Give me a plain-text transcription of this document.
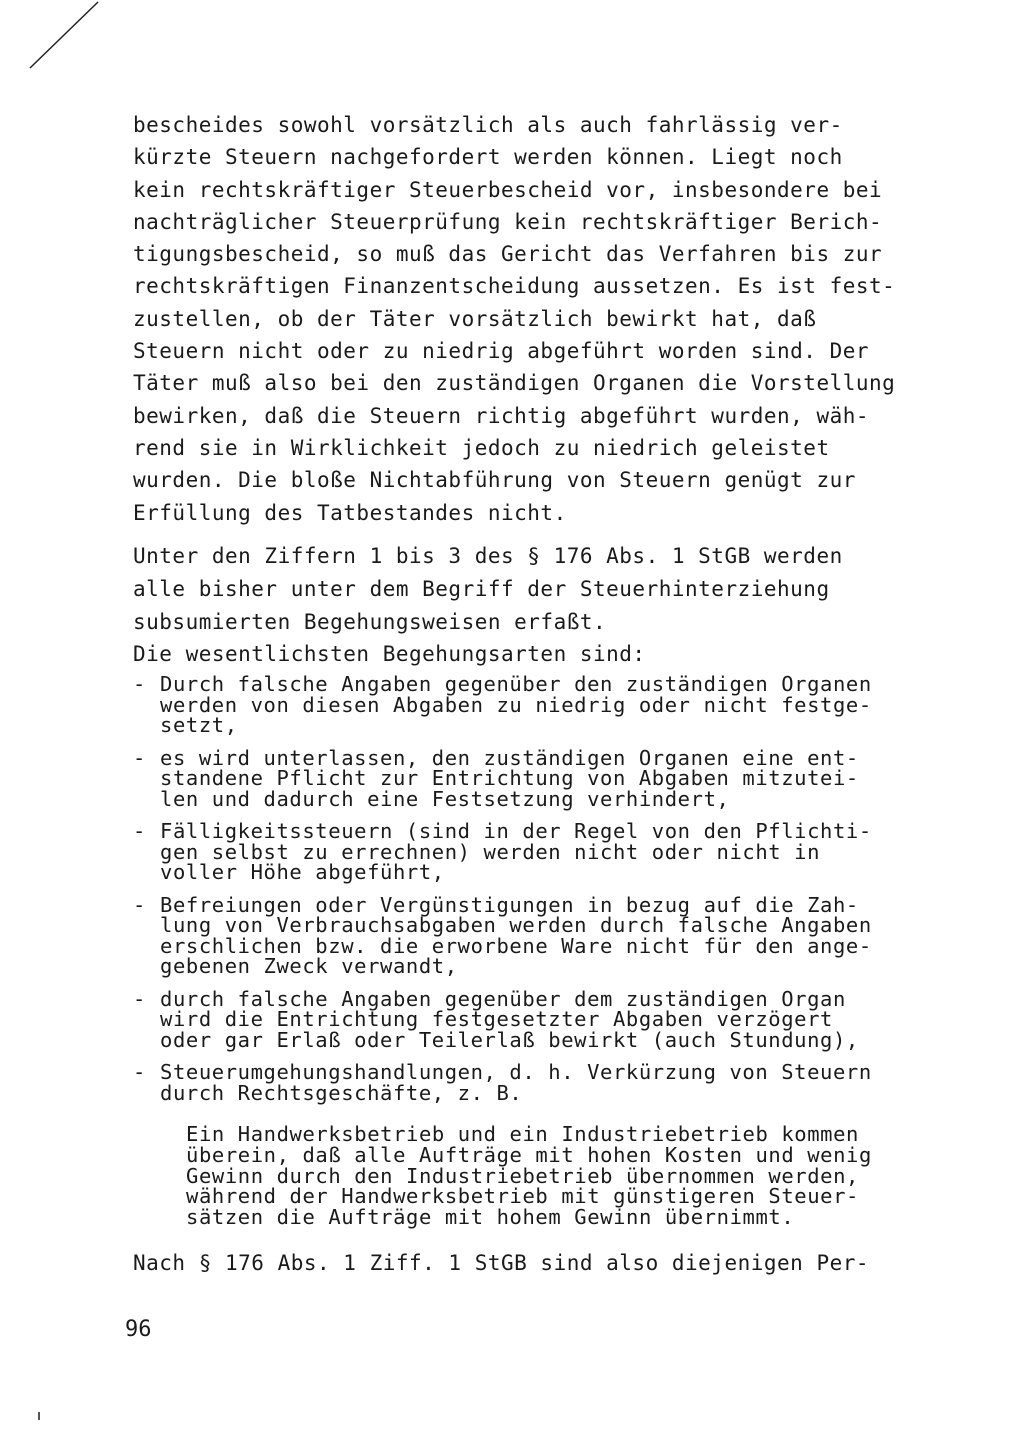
bescheides sowohl vorsätzlich als auch fahrlässig ver-
kürzte Steuern nachgefordert werden können. Liegt noch
kein rechtskräftiger Steuerbescheid vor, insbesondere bei
nachträglicher Steuerprüfung kein rechtskräftiger Berich-
tigungsbescheid, so muß das Gericht das Verfahren bis zur
rechtskräftigen Finanzentscheidung aussetzen. Es ist fest-
zustellen, ob der Täter vorsätzlich bewirkt hat, daß
Steuern nicht oder zu niedrig abgeführt worden sind. Der
Täter muß also bei den zuständigen Organen die Vorstellung
bewirken, daß die Steuern richtig abgeführt wurden, wäh-
rend sie in Wirklichkeit jedoch zu niedrich geleistet
wurden. Die bloße Nichtabführung von Steuern genügt zur
Erfüllung des Tatbestandes nicht.
Unter den Ziffern 1 bis 3 des § 176 Abs. 1 StGB werden
alle bisher unter dem Begriff der Steuerhinterziehung
subsumierten Begehungsweisen erfaßt.
Die wesentlichsten Begehungsarten sind:
- Durch falsche Angaben gegenüber den zuständigen Organen
werden von diesen Abgaben zu niedrig oder nicht festge-
setzt,
- es wird unterlassen, den zuständigen Organen eine ent-
standene Pflicht zur Entrichtung von Abgaben mitzutei-
len und dadurch eine Festsetzung verhindert,
- Fälligkeitssteuern (sind in der Regel von den Pflichti-
gen selbst zu errechnen) werden nicht oder nicht in
voller Höhe abgeführt,
- Befreiungen oder Vergünstigungen in bezug auf die Zah-
lung von Verbrauchsabgaben werden durch falsche Angaben
erschlichen bzw. die erworbene Ware nicht für den ange-
gebenen Zweck verwandt,
- durch falsche Angaben gegenüber dem zuständigen Organ
wird die Entrichtung festgesetzter Abgaben verzögert
oder gar Erlaß oder Teilerlaß bewirkt (auch Stundung),
- Steuerumgehungshandlungen, d. h. Verkürzung von Steuern
durch Rechtsgeschäfte, z. B.
Ein Handwerksbetrieb und ein Industriebetrieb kommen
überein, daß alle Aufträge mit hohen Kosten und wenig
Gewinn durch den Industriebetrieb übernommen werden,
während der Handwerksbetrieb mit günstigeren Steuer-
sätzen die Aufträge mit hohem Gewinn übernimmt.
Nach § 176 Abs. 1 Ziff. 1 StGB sind also diejenigen Per-
96
